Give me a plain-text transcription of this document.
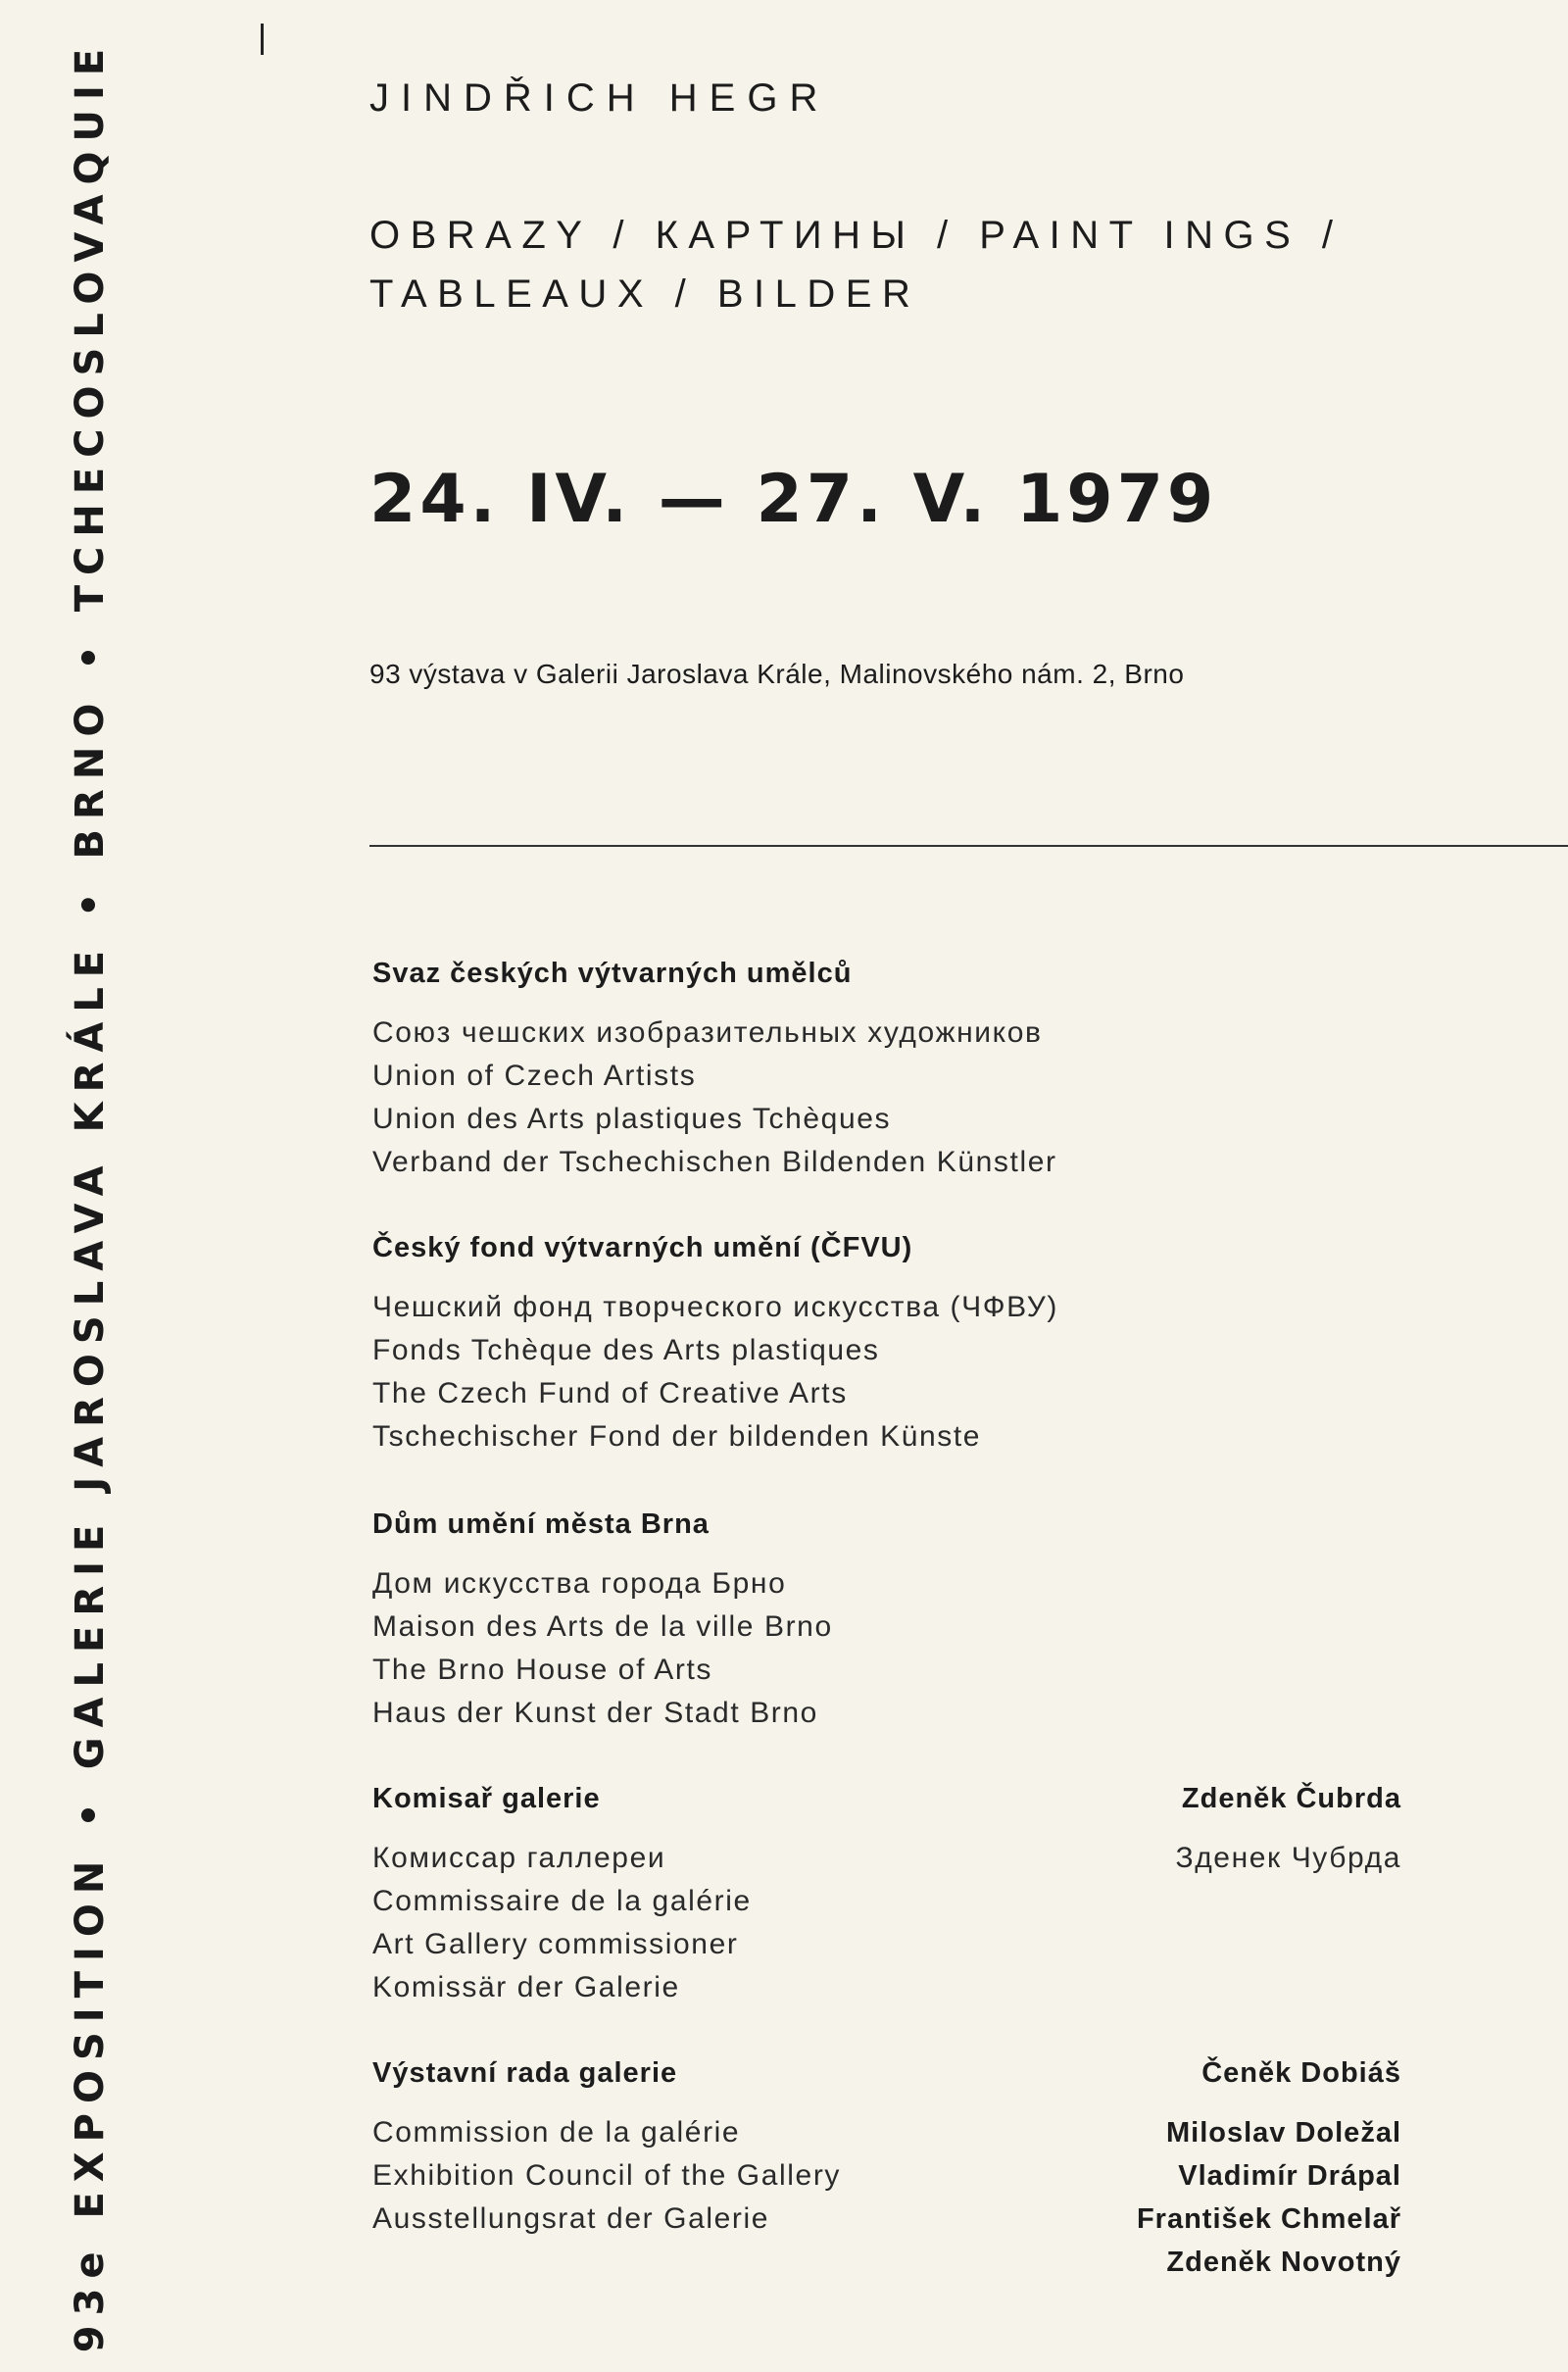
93e EXPOSITION • GALERIE JAROSLAVA KRÁLE • BRNO • TCHECOSLOVAQUIE	JINDŘICH HEGR
OBRAZY / КАРТИНЫ / PAINT INGS /
TABLEAUX / BILDER
24. IV. — 27. V. 1979
93 výstava v Galerii Jaroslava Krále, Malinovského nám. 2, Brno
Svaz českých výtvarných umělců
Союз чешских изобразительных художников
Union of Czech Artists
Union des Arts plastiques Tchèques
Verband der Tschechischen Bildenden Künstler
Český fond výtvarných umění (ČFVU)
Чешский фонд творческого искусства (ЧФВУ)
Fonds Tchèque des Arts plastiques
The Czech Fund of Creative Arts
Tschechischer Fond der bildenden Künste
Dům umění města Brna
Дом искусства города Брно
Maison des Arts de la ville Brno
The Brno House of Arts
Haus der Kunst der Stadt Brno
Komisař galerie
Комиссар галлереи
Commissaire de la galérie
Art Gallery commissioner
Komissär der Galerie
Zdeněk Čubrda
Зденек Чубрда
Výstavní rada galerie
Commission de la galérie
Exhibition Council of the Gallery
Ausstellungsrat der Galerie
Čeněk Dobiáš
Miloslav Doležal
Vladimír Drápal
František Chmelař
Zdeněk Novotný
